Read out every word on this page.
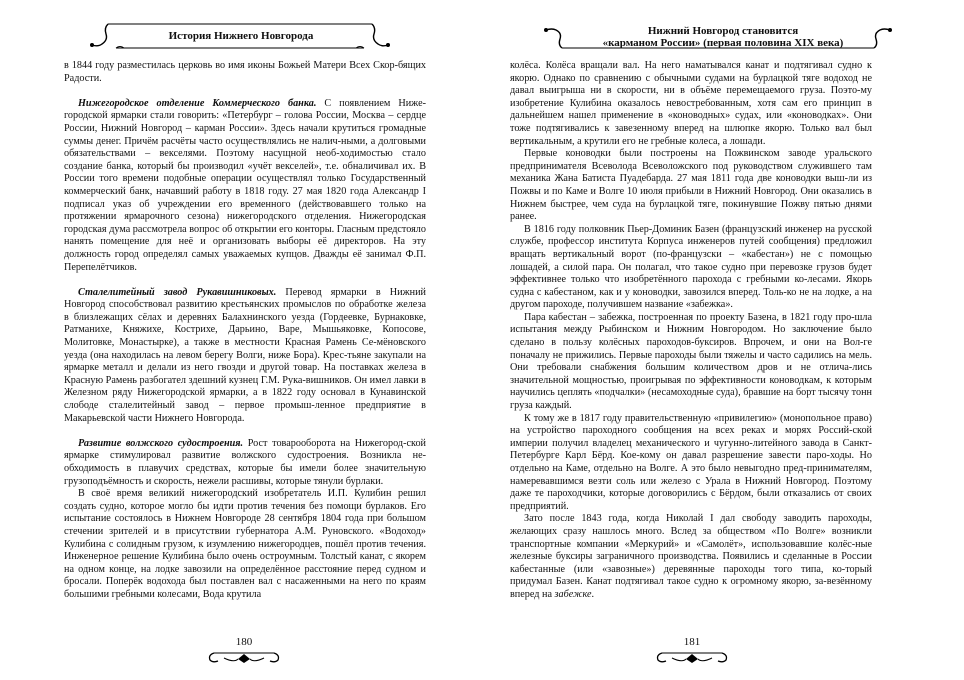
История Нижнего Новгорода

в 1844 году разместилась церковь во имя иконы Божьей Матери Всех Скор-бящих Радости.

Нижегородское отделение Коммерческого банка. С появлением Ниже-городской ярмарки стали говорить: «Петербург – голова России, Москва – сердце России, Нижний Новгород – карман России». Здесь начали крутиться громадные суммы денег. Причём расчёты часто осуществлялись не налич-ными, а долговыми обязательствами – векселями. Поэтому насущной необ-ходимостью стало создание банка, который бы производил «учёт векселей», т.е. обналичивал их. В России того времени подобные операции осуществлял только Государственный коммерческий банк, начавший работу в 1818 году. 27 мая 1820 года Александр I подписал указ об учреждении его временного (действовавшего только на протяжении ярмарочного сезона) нижегородского отделения. Нижегородская городская дума рассмотрела вопрос об открытии его конторы. Гласным предстояло нанять помещение для неё и организовать выборы её директоров. На эту должность город определял самых уважаемых купцов. Дважды её занимал Ф.П. Перепелётчиков.

Сталелитейный завод Рукавишниковых. Перевод ярмарки в Нижний Новгород способствовал развитию крестьянских промыслов по обработке железа в близлежащих сёлах и деревнях Балахнинского уезда (Гордеевке, Бурнаковке, Ратманихе, Княжихе, Кострихе, Дарьино, Варе, Мышьяковке, Копосове, Молитовке, Монастырке), а также в местности Красная Рамень Се-мёновского уезда (она находилась на левом берегу Волги, ниже Бора). Крес-тьяне закупали на ярмарке металл и делали из него гвозди и другой товар. На поставках железа в Красную Рамень разбогател здешний кузнец Г.М. Рука-вишников. Он имел лавки в Железном ряду Нижегородской ярмарки, а в 1822 году основал в Кунавинской слободе сталелитейный завод – первое промыш-ленное предприятие в Макарьевской части Нижнего Новгорода.

Развитие волжского судостроения. Рост товарооборота на Нижегород-ской ярмарке стимулировал развитие волжского судостроения. Возникла не-обходимость в плавучих средствах, которые бы имели более значительную грузоподъёмность и скорость, нежели расшивы, которые тянули бурлаки.

В своё время великий нижегородский изобретатель И.П. Кулибин решил создать судно, которое могло бы идти против течения без помощи бурлаков. Его испытание состоялось в Нижнем Новгороде 28 сентября 1804 года при большом стечении зрителей и в присутствии губернатора А.М. Руновского. «Водоход» Кулибина с солидным грузом, к изумлению нижегородцев, пошёл против течения. Инженерное решение Кулибина было очень остроумным. Толстый канат, с якорем на одном конце, на лодке завозили на определённое расстояние перед судном и бросали. Поперёк водохода был поставлен вал с насаженными на него по краям большими гребными колесами, Вода крутила

180
Нижний Новгород становится
«карманом России» (первая половина XIX века)

колёса. Колёса вращали вал. На него наматывался канат и подтягивал судно к якорю. Однако по сравнению с обычными судами на бурлацкой тяге водоход не давал выигрыша ни в скорости, ни в объёме перемещаемого груза. Поэто-му изобретение Кулибина оказалось невостребованным, хотя сам его принцип в дальнейшем нашел применение в «коноводных» судах, или «коноводках». Они тоже подтягивались к завезенному вперед на шлюпке якорю. Только вал был вертикальным, а крутили его не гребные колеса, а лошади.

Первые коноводки были построены на Пожвинском заводе уральского предпринимателя Всеволода Всеволожского под руководством служившего там механика Жана Батиста Пуадебарда. 27 мая 1811 года две коноводки выш-ли из Пожвы и по Каме и Волге 10 июля прибыли в Нижний Новгород. Они оказались в Нижнем быстрее, чем суда на бурлацкой тяге, покинувшие Пожву пятью днями ранее.

В 1816 году полковник Пьер-Доминик Базен (французский инженер на русской службе, профессор института Корпуса инженеров путей сообщения) предложил вращать вертикальный ворот (по-французски – «кабестан») не с помощью лошадей, а силой пара. Он полагал, что такое судно при перевозке грузов будет эффективнее только что изобретённого парохода с гребными ко-лесами. Якорь судна с кабестаном, как и у коноводки, завозился вперед. Толь-ко не на лодке, а на другом пароходе, получившем название «забежка».

Пара кабестан – забежка, построенная по проекту Базена, в 1821 году про-шла испытания между Рыбинском и Нижним Новгородом. Но заключение было сделано в пользу колёсных пароходов-буксиров. Впрочем, и они на Вол-ге поначалу не прижились. Первые пароходы были тяжелы и часто садились на мель. Они требовали снабжения большим количеством дров и не отлича-лись значительной мощностью, проигрывая по эффективности коноводкам, к которым научились цеплять «подчалки» (несамоходные суда), бравшие на борт тысячу тонн груза каждый.

К тому же в 1817 году правительственную «привилегию» (монопольное право) на устройство пароходного сообщения на всех реках и морях Россий-ской империи получил владелец механического и чугунно-литейного завода в Санкт-Петербурге Карл Бёрд. Кое-кому он давал разрешение завести паро-ходы. Но отдельно на Каме, отдельно на Волге. А это было невыгодно пред-принимателям, намеревавшимся везти соль или железо с Урала в Нижний Новгород. Поэтому даже те пароходчики, которые договорились с Бёрдом, были отказались от своих предприятий.

Зато после 1843 года, когда Николай I дал свободу заводить пароходы, желающих сразу нашлось много. Вслед за обществом «По Волге» возникли транспортные компании «Меркурий» и «Самолёт», использовавшие колёс-ные железные буксиры заграничного производства. Появились и сделанные в России кабестанные (или «завозные») деревянные пароходы того типа, ко-торый придумал Базен. Канат подтягивал такое судно к огромному якорю, за-везённому вперед на забежке.

181
